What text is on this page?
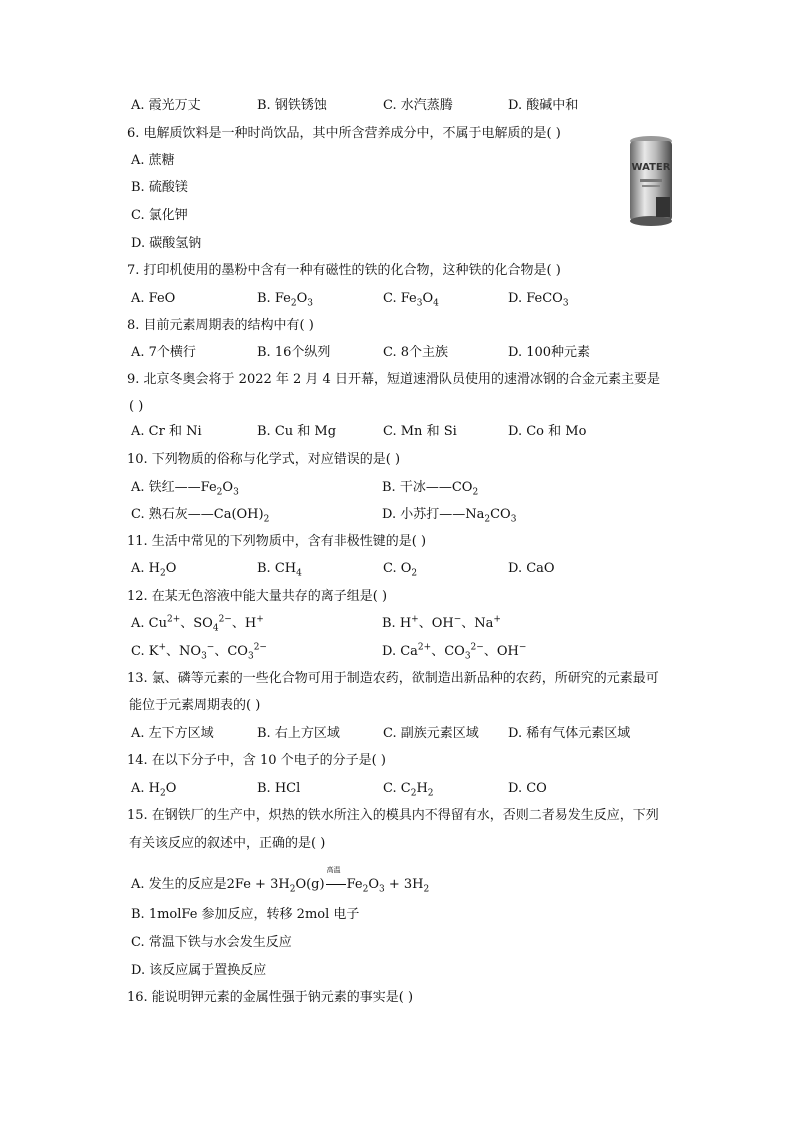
A. 霞光万丈	B. 钢铁锈蚀	C. 水汽蒸腾	D. 酸碱中和
6. 电解质饮料是一种时尚饮品，其中所含营养成分中，不属于电解质的是( )
A. 蔗糖
B. 硫酸镁
C. 氯化钾
D. 碳酸氢钠
WATER
7. 打印机使用的墨粉中含有一种有磁性的铁的化合物，这种铁的化合物是( )
A. FeO	B. $Fe_2O_3$	C. $Fe_3O_4$	D. FeCO$_3$
8. 目前元素周期表的结构中有( )
A. 7个横行	B. 16个纵列	C. 8个主族	D. 100种元素
9. 北京冬奥会将于 2022 年 2 月 4 日开幕，短道速滑队员使用的速滑冰钢的合金元素主要是
( )
A. Cr 和 Ni	B. Cu 和 Mg	C. Mn 和 Si	D. Co 和 Mo
10. 下列物质的俗称与化学式，对应错误的是( )
A. 铁红$——Fe_2O_3$	B. 干冰$——CO_2$
C. 熟石灰$——Ca(OH)_2$	D. 小苏打$——Na_2CO_3$
11. 生活中常见的下列物质中，含有非极性键的是( )
A. $H_2O$	B. $CH_4$	C. $O_2$	D. CaO
12. 在某无色溶液中能大量共存的离子组是( )
A. $Cu^{2+}$、$SO_4^{2-}$、H+	B. H+、OH−、Na+
C. K+、$NO_3^-$、$CO_3^{2-}$	D. $Ca^{2+}$、$CO_3^{2-}$、OH−
13. 氯、磷等元素的一些化合物可用于制造农药，欲制造出新品种的农药，所研究的元素最可
能位于元素周期表的( )
A. 左下方区域	B. 右上方区域	C. 副族元素区域 D. 稀有气体元素区域
14. 在以下分子中，含 10 个电子的分子是( )
A. $H_2O$	B. HCl	C. $C_2H_2$	D. CO
15. 在钢铁厂的生产中，炽热的铁水所注入的模具内不得留有水，否则二者易发生反应，下列
有关该反应的叙述中，正确的是( )
A. 发生的反应是$2Fe + 3H_2O(g)$
高温
$Fe_2O_3 + 3H_2$
B. 1molFe 参加反应，转移 2mol 电子
C. 常温下铁与水会发生反应
D. 该反应属于置换反应
16. 能说明钾元素的金属性强于钠元素的事实是( )
